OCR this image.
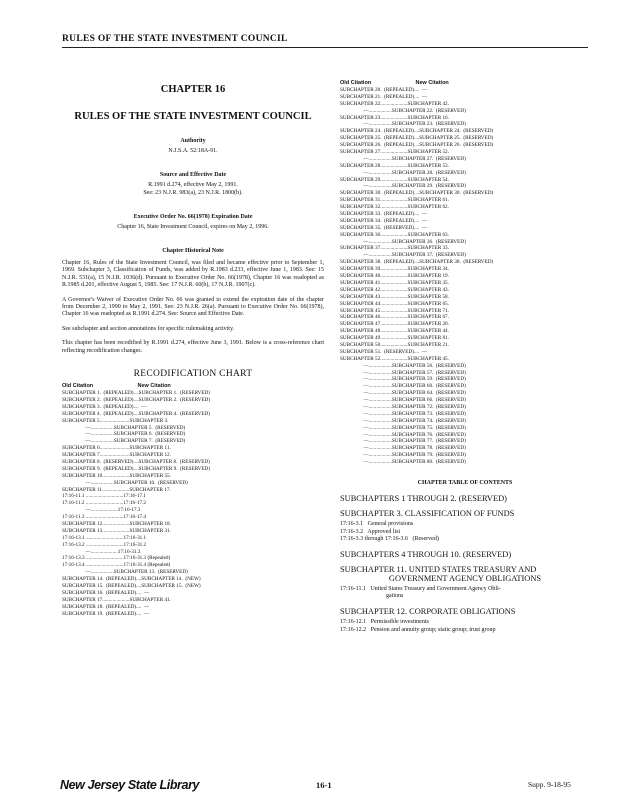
RULES OF THE STATE INVESTMENT COUNCIL
CHAPTER 16
RULES OF THE STATE INVESTMENT COUNCIL
Authority
N.J.S.A. 52:18A-91.
Source and Effective Date
R.1991 d.274, effective May 2, 1991.
See: 23 N.J.R. 983(a), 23 N.J.R. 1800(b).
Executive Order No. 66(1978) Expiration Date
Chapter 16, State Investment Council, expires on May 2, 1996.
Chapter Historical Note

Chapter 16, Rules of the State Investment Council, was filed and became effective prior to September 1, 1969. Subchapter 3, Classification of Funds, was added by R.1983 d.233, effective June 1, 1983. See: 15 N.J.R. 531(a), 15 N.J.R. 1036(d). Pursuant to Executive Order No. 66(1978), Chapter 16 was readopted as R.1985 d.201, effective August 5, 1985. See: 17 N.J.R. 60(b), 17 N.J.R. 1907(c).

A Governor's Waiver of Executive Order No. 66 was granted to extend the expiration date of the chapter from December 2, 1990 to May 2, 1991. See: 23 N.J.R. 26(a). Pursuant to Executive Order No. 66(1978), Chapter 16 was readopted as R.1991 d.274. See: Source and Effective Date.

See subchapter and section annotations for specific rulemaking activity.

This chapter has been recodified by R.1991 d.274, effective June 3, 1991. Below is a cross-reference chart reflecting recodification changes.

RECODIFICATION CHART
Old Citation                             New Citation
SUBCHAPTER 1.  (REPEALED)....SUBCHAPTER 1.  (RESERVED)
SUBCHAPTER 2.  (REPEALED)....SUBCHAPTER 2.  (RESERVED)
SUBCHAPTER 3.  (REPEALED)....  —
SUBCHAPTER 4.  (REPEALED)....SUBCHAPTER 4.  (RESERVED)
SUBCHAPTER 5.......................SUBCHAPTER 3.
—..................SUBCHAPTER 5.  (RESERVED)
—..................SUBCHAPTER 6.  (RESERVED)
—..................SUBCHAPTER 7.  (RESERVED)
SUBCHAPTER 6.......................SUBCHAPTER 11.
SUBCHAPTER 7.......................SUBCHAPTER 12.
SUBCHAPTER 8.  (RESERVED)....SUBCHAPTER 8.  (RESERVED)
SUBCHAPTER 9.  (REPEALED)....SUBCHAPTER 9.  (RESERVED)
SUBCHAPTER 10.....................SUBCHAPTER 55.
—..................SUBCHAPTER 10.  (RESERVED)
SUBCHAPTER 11.....................SUBCHAPTER 17.
17:16-11.1 .............................17:16-17.1
17:16-11.2 .............................17:16-17.2
—.....................17:16-17.3
17:16-11.3 .............................17:16-17.4
SUBCHAPTER 12.....................SUBCHAPTER 18.
SUBCHAPTER 13.....................SUBCHAPTER 31.
17:16-13.1 .............................17:16-31.1
17:16-13.2 .............................17:16-31.2
—.....................17:16-31.3
17:16-13.3 .............................17:16-31.3 (Repealed)
17:16-13.4 .............................17:16-31.4 (Repealed)
—..................SUBCHAPTER 13.  (RESERVED)
SUBCHAPTER 14.  (REPEALED)....SUBCHAPTER 14.  (NEW)
SUBCHAPTER 15.  (REPEALED)....SUBCHAPTER 15.  (NEW)
SUBCHAPTER 16.  (REPEALED)....  —
SUBCHAPTER 17.....................SUBCHAPTER 41.
SUBCHAPTER 18.  (REPEALED)....  —
SUBCHAPTER 19.  (REPEALED)....  —
Old Citation                             New Citation
SUBCHAPTER 20.  (REPEALED)....  —
SUBCHAPTER 21.  (REPEALED)....  —
SUBCHAPTER 22.....................SUBCHAPTER 42.
—..................SUBCHAPTER 22.  (RESERVED)
SUBCHAPTER 23.....................SUBCHAPTER 16.
—..................SUBCHAPTER 23.  (RESERVED)
SUBCHAPTER 24.  (REPEALED)....SUBCHAPTER 24.  (RESERVED)
SUBCHAPTER 25.  (REPEALED)....SUBCHAPTER 25.  (RESERVED)
SUBCHAPTER 26.  (REPEALED)....SUBCHAPTER 26.  (RESERVED)
SUBCHAPTER 27.....................SUBCHAPTER 52.
—..................SUBCHAPTER 27.  (RESERVED)
SUBCHAPTER 28.....................SUBCHAPTER 53.
—..................SUBCHAPTER 28.  (RESERVED)
SUBCHAPTER 29.....................SUBCHAPTER 54.
—..................SUBCHAPTER 29.  (RESERVED)
SUBCHAPTER 30.  (REPEALED)....SUBCHAPTER 30.  (RESERVED)
SUBCHAPTER 31.....................SUBCHAPTER 61.
SUBCHAPTER 32.....................SUBCHAPTER 62.
SUBCHAPTER 33.  (REPEALED)....  —
SUBCHAPTER 34.  (REPEALED)....  —
SUBCHAPTER 35.  (RESERVED)....  —
SUBCHAPTER 36.....................SUBCHAPTER 63.
—..................SUBCHAPTER 36.  (RESERVED)
SUBCHAPTER 37.....................SUBCHAPTER 33.
—..................SUBCHAPTER 37.  (RESERVED)
SUBCHAPTER 38.  (REPEALED)....SUBCHAPTER 38.  (RESERVED)
SUBCHAPTER 39.....................SUBCHAPTER 34.
SUBCHAPTER 40.....................SUBCHAPTER 19.
SUBCHAPTER 41.....................SUBCHAPTER 35.
SUBCHAPTER 42.....................SUBCHAPTER 43.
SUBCHAPTER 43.....................SUBCHAPTER 58.
SUBCHAPTER 44.....................SUBCHAPTER 65.
SUBCHAPTER 45.....................SUBCHAPTER 71.
SUBCHAPTER 46.....................SUBCHAPTER 67.
SUBCHAPTER 47.....................SUBCHAPTER 20.
SUBCHAPTER 48.....................SUBCHAPTER 44.
SUBCHAPTER 49.....................SUBCHAPTER 81.
SUBCHAPTER 50.....................SUBCHAPTER 21.
SUBCHAPTER 51.  (RESERVED)....  —
SUBCHAPTER 52.....................SUBCHAPTER 45.
—..................SUBCHAPTER 56.  (RESERVED)
—..................SUBCHAPTER 57.  (RESERVED)
—..................SUBCHAPTER 59.  (RESERVED)
—..................SUBCHAPTER 60.  (RESERVED)
—..................SUBCHAPTER 64.  (RESERVED)
—..................SUBCHAPTER 66.  (RESERVED)
—..................SUBCHAPTER 72.  (RESERVED)
—..................SUBCHAPTER 73.  (RESERVED)
—..................SUBCHAPTER 74.  (RESERVED)
—..................SUBCHAPTER 75.  (RESERVED)
—..................SUBCHAPTER 76.  (RESERVED)
—..................SUBCHAPTER 77.  (RESERVED)
—..................SUBCHAPTER 78.  (RESERVED)
—..................SUBCHAPTER 79.  (RESERVED)
—..................SUBCHAPTER 80.  (RESERVED)
CHAPTER TABLE OF CONTENTS
SUBCHAPTERS 1 THROUGH 2. (RESERVED)
SUBCHAPTER 3. CLASSIFICATION OF FUNDS
17:16-3.1   General provisions
17:16-3.2   Approved list
17:16-3.3 through 17:16-3.6   (Reserved)
SUBCHAPTERS 4 THROUGH 10. (RESERVED)
SUBCHAPTER 11. UNITED STATES TREASURY AND
GOVERNMENT AGENCY OBLIGATIONS
17:16-11.1   United States Treasury and Government Agency Obli-
gations
SUBCHAPTER 12. CORPORATE OBLIGATIONS
17:16-12.1   Permissible investments
17:16-12.2   Pension and annuity group; static group; trust group
New Jersey State Library	16-1	Supp. 9-18-95
